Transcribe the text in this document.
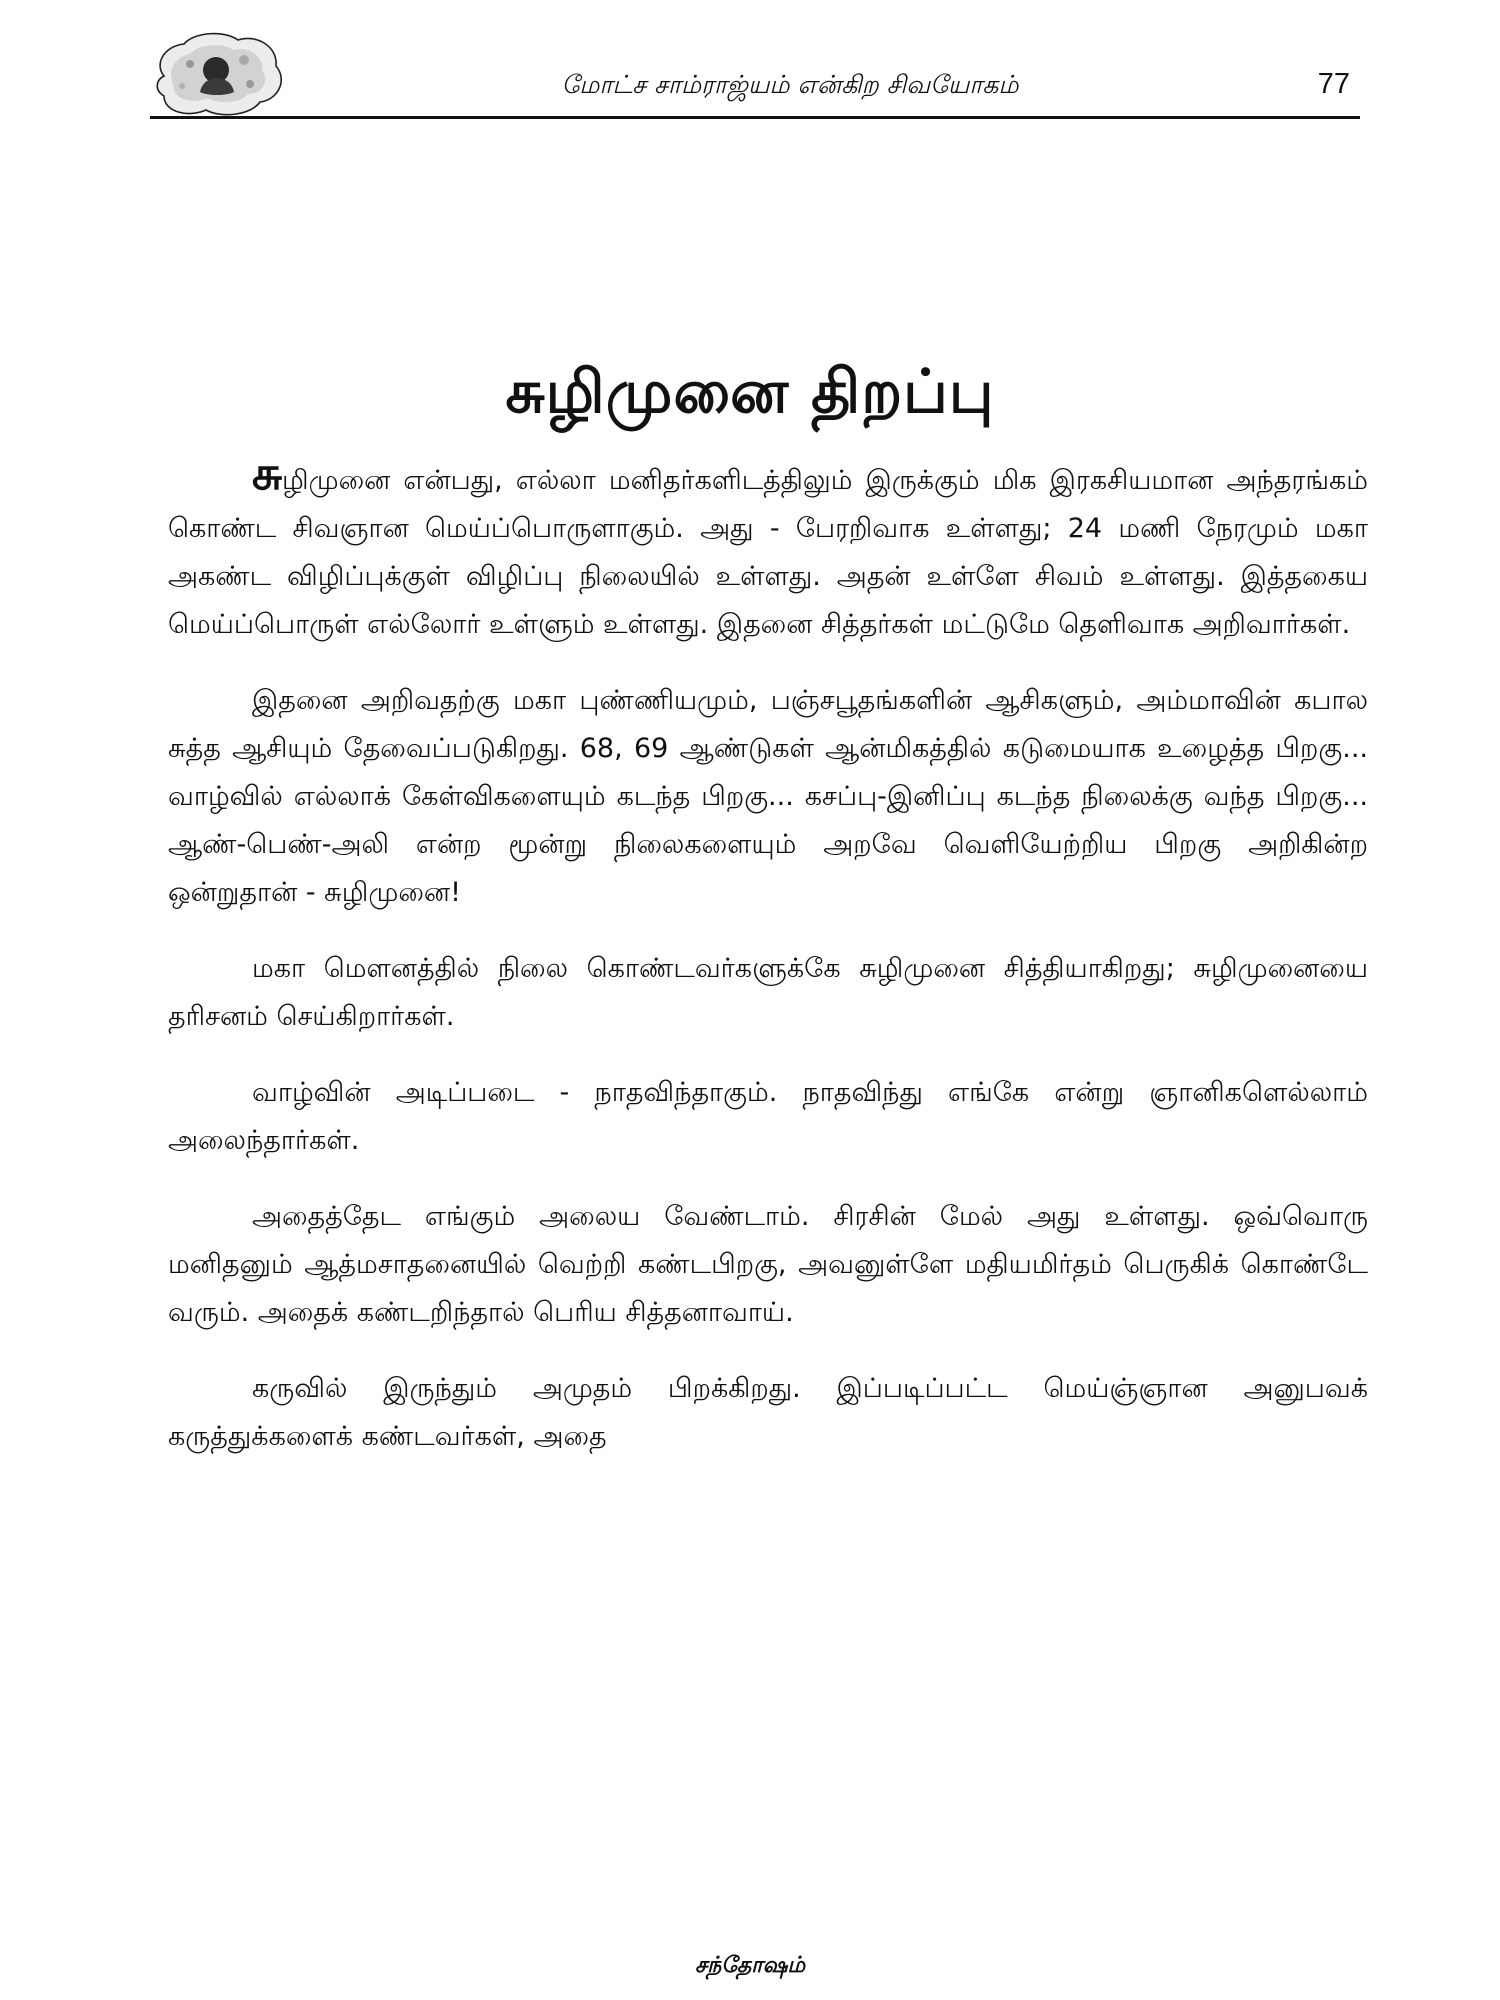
மோட்ச சாம்ராஜ்யம் என்கிற சிவயோகம்	77
சுழிமுனை திறப்பு

சுழிமுனை என்பது, எல்லா மனிதர்களிடத்திலும் இருக்கும் மிக இரகசியமான அந்தரங்கம் கொண்ட சிவஞான மெய்ப்பொருளாகும். அது - பேரறிவாக உள்ளது; 24 மணி நேரமும் மகா அகண்ட விழிப்புக்குள் விழிப்பு நிலையில் உள்ளது. அதன் உள்ளே சிவம் உள்ளது. இத்தகைய மெய்ப்பொருள் எல்லோர் உள்ளும் உள்ளது. இதனை சித்தர்கள் மட்டுமே தெளிவாக அறிவார்கள்.

இதனை அறிவதற்கு மகா புண்ணியமும், பஞ்சபூதங்களின் ஆசிகளும், அம்மாவின் கபால சுத்த ஆசியும் தேவைப்படுகிறது. 68, 69 ஆண்டுகள் ஆன்மிகத்தில் கடுமையாக உழைத்த பிறகு... வாழ்வில் எல்லாக் கேள்விகளையும் கடந்த பிறகு... கசப்பு-இனிப்பு கடந்த நிலைக்கு வந்த பிறகு... ஆண்-பெண்-அலி என்ற மூன்று நிலைகளையும் அறவே வெளியேற்றிய பிறகு அறிகின்ற ஒன்றுதான் - சுழிமுனை!

மகா மௌனத்தில் நிலை கொண்டவர்களுக்கே சுழிமுனை சித்தியாகிறது; சுழிமுனையை தரிசனம் செய்கிறார்கள்.

வாழ்வின் அடிப்படை - நாதவிந்தாகும். நாதவிந்து எங்கே என்று ஞானிகளெல்லாம் அலைந்தார்கள்.

அதைத்தேட எங்கும் அலைய வேண்டாம். சிரசின் மேல் அது உள்ளது. ஒவ்வொரு மனிதனும் ஆத்மசாதனையில் வெற்றி கண்டபிறகு, அவனுள்ளே மதியமிர்தம் பெருகிக் கொண்டே வரும். அதைக் கண்டறிந்தால் பெரிய சித்தனாவாய்.

கருவில் இருந்தும் அமுதம் பிறக்கிறது. இப்படிப்பட்ட மெய்ஞ்ஞான அனுபவக் கருத்துக்களைக் கண்டவர்கள், அதை

சந்தோஷம்
